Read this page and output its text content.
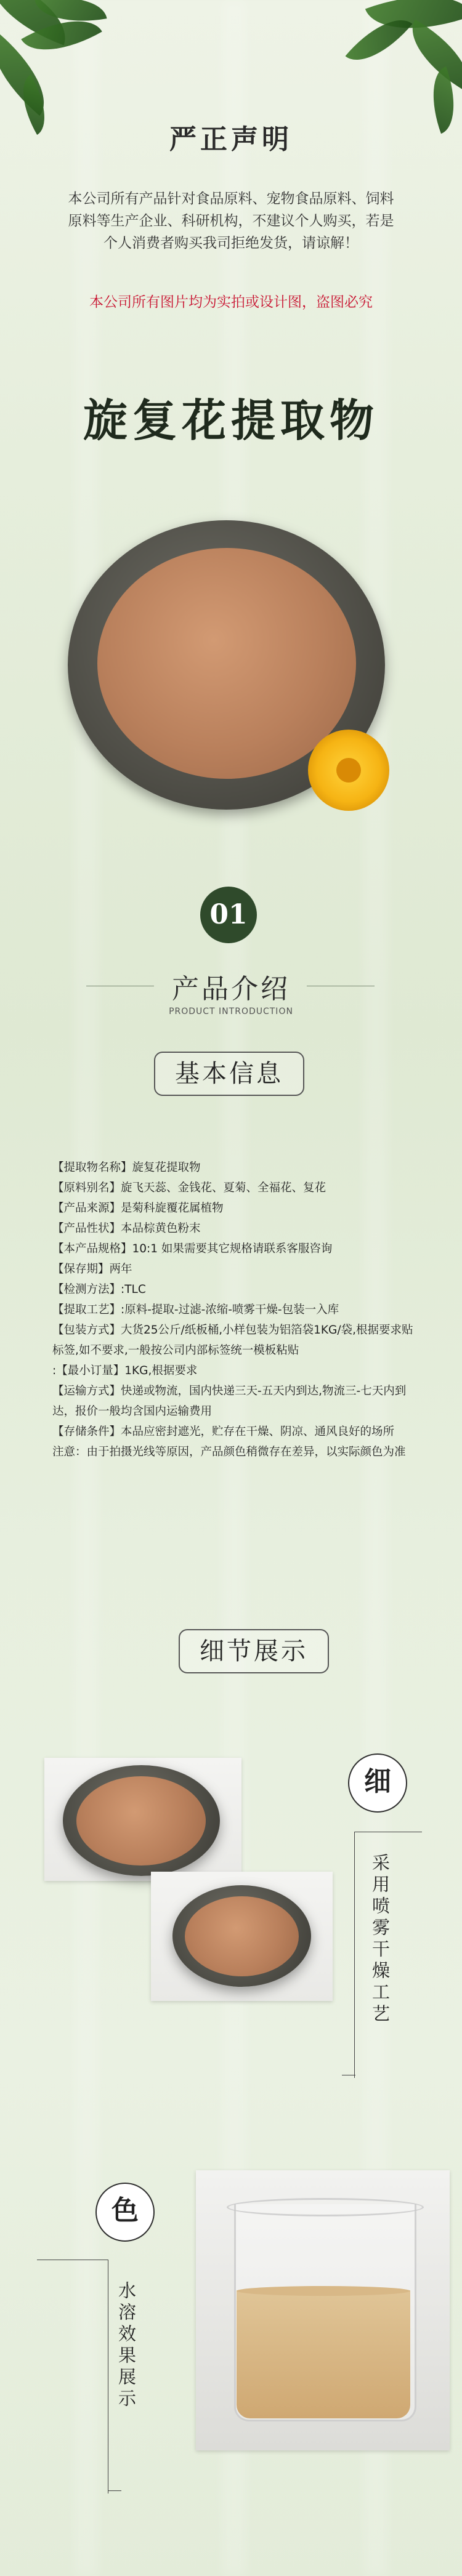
严正声明
本公司所有产品针对食品原料、宠物食品原料、饲料原料等生产企业、科研机构，不建议个人购买，若是个人消费者购买我司拒绝发货，请谅解！
本公司所有图片均为实拍或设计图，盗图必究
旋复花提取物
01
产品介绍
PRODUCT INTRODUCTION
基本信息

【提取物名称】旋复花提取物

【原料别名】旋飞天蕊、金钱花、夏菊、全福花、复花

【产品来源】是菊科旋覆花属植物

【产品性状】本品棕黄色粉末

【本产品规格】10:1 如果需要其它规格请联系客服咨询

【保存期】两年

【检测方法】:TLC

【提取工艺】:原料-提取-过滤-浓缩-喷雾干燥-包装一入库

【包装方式】大货25公斤/纸板桶,小样包装为铝箔袋1KG/袋,根据要求贴标签,如不要求,一般按公司内部标签统一模板粘贴

:【最小订量】1KG,根据要求

【运输方式】快递或物流，国内快递三天-五天内到达,物流三-七天内到达，报价一般均含国内运输费用

【存储条件】本品应密封遮光，贮存在干燥、阴凉、通风良好的场所

注意：由于拍摄光线等原因，产品颜色稍微存在差异，以实际颜色为准

细节展示
细
采用喷雾干燥工艺
色
水溶效果展示
